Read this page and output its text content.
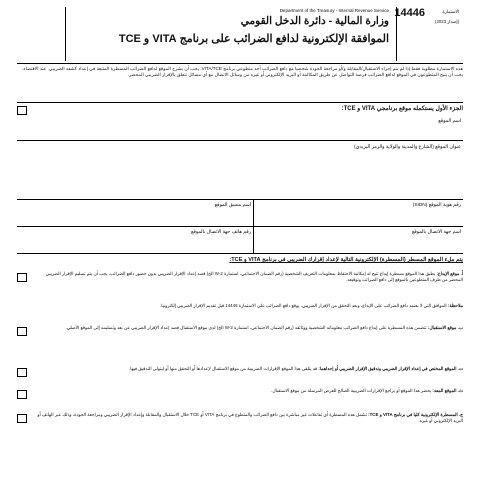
Department of the Treasury - Internal Revenue Service
وزارة المالية - دائرة الدخل القومي
الموافقة الإلكترونية لدافع الضرائب على برنامج VITA و TCE
الاستمارة
14446
(إصدار 2023)
هذه الاستمارة مطلوبة فقط إذا لم يتم إجراء الاستقبال/المقابلة و/أو مراجعة الجودة شخصيا مع دافع الضرائب أحد متطوعي برنامج VITA/TCE. يجب أن يشرح الموقع لدافع الضرائب المسطرة المتبعة في إعداد كشفه الضريبي. عند الاقتضاء، يجب أن يتيح المتطوعون في الموقع لدافع الضرائب فرصة التواصل عن طريق المكالمة أو البريد الإلكتروني أو غيره من وسائل الاتصال مع أي مسائل تتعلق بالإقرار الضريبي المحضر.
الجزء الأول يستكمله موقع برنامجي VITA و TCE:
اسم الموقع
عنوان الموقع (الشارع والمدينة والولاية والرمز البريدي)
رقم هوية الموقع (SIDN)
اسم منسق الموقع
اسم جهة الاتصال بالموقع
رقم هاتف جهة الاتصال بالموقع
يتم ملء الموقع المسطر (المسطرة) الإلكترونية التالية لإعداد إقرارك الضريبي في برنامج VITA و TCE:
أ. موقع الإيداع: يطبق هذا الموقع مسطرة إيداع تتيح له إمكانية الاحتفاظ بمعلومات التعريف الشخصية (رقم الضمان الاجتماعي، استمارة W-2 الخ) قصد إعداد الإقرار الضريبي بدون حضور دافع الضرائب. يجب أن يتم تسليم الإقرار الضريبي المحضر من طرف المتطوعين بالموقع إلى دافع الضرائب وتوقيعه.
ملاحظة: الموافق التي لا يعتمد دافع الضرائب على الإيداع، وبعد التحقق من الإقرار الضريبي، يوقع دافع الضرائب على الاستمارة 14446 قبل تقديم الإقرار الضريبي إلكترونيا.
ب. موقع الاستقبال: تتضمن هذه المسطرة على إيداع دافع الضرائب معلوماته الشخصية ووثائقه (رقم الضمان الاجتماعي، استمارة W-2 الخ) لدى موقع الاستقبال قصد إعداد الإقرار الضريبي عن بعد وتسليمه إلى الموقع الأصلي.
ت. الموقع المختص في إعداد الإقرار الضريبي وتدقيق الإقرار الضريبي أو إحداهما: قد يتلقى هذا الموقع الإقرارات الضريبية من موقع الاستقبال لإعدادها أو التحقق منها أو ليتولى التدقيق فيها.
ث. الموقع المعد: يحضر هذا الموقع أو يراجع الإقرارات الضريبية الصالح للعرض المرسلة من موقع الاستقبال.
ج. المسطرة الإلكترونية كليا في برنامج VITA و TCE: تشمل هذه المسطرة أي تفاعلات غير مباشرة بين دافع الضرائب والمتطوع في برنامج VITA أو TCE خلال الاستقبال والمقابلة وإعداد الإقرار الضريبي ومراجعة الجودة، وذلك عبر الهاتف أو البريد الإلكتروني أو غيره.
